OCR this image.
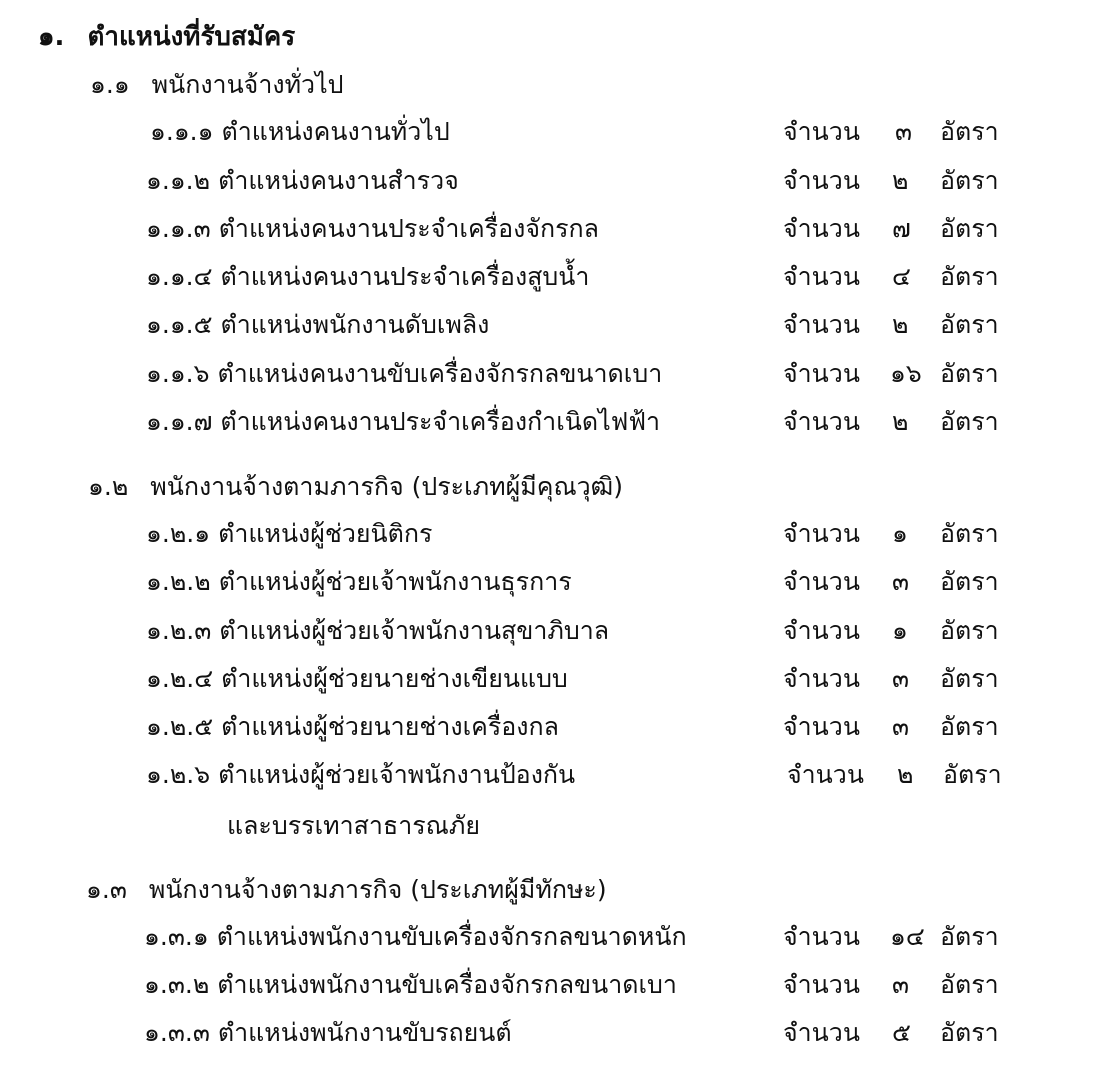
๑. ตำแหน่งที่รับสมัคร
๑.๑ พนักงานจ้างทั่วไป
๑.๑.๑ ตำแหน่งคนงานทั่วไป	จำนวน ๓ อัตรา
๑.๑.๒ ตำแหน่งคนงานสำรวจ	จำนวน ๒ อัตรา
๑.๑.๓ ตำแหน่งคนงานประจำเครื่องจักรกล	จำนวน ๗ อัตรา
๑.๑.๔ ตำแหน่งคนงานประจำเครื่องสูบน้ำ	จำนวน ๔ อัตรา
๑.๑.๕ ตำแหน่งพนักงานดับเพลิง	จำนวน ๒ อัตรา
๑.๑.๖ ตำแหน่งคนงานขับเครื่องจักรกลขนาดเบา	จำนวน ๑๖ อัตรา
๑.๑.๗ ตำแหน่งคนงานประจำเครื่องกำเนิดไฟฟ้า	จำนวน ๒ อัตรา
๑.๒ พนักงานจ้างตามภารกิจ (ประเภทผู้มีคุณวุฒิ)
๑.๒.๑ ตำแหน่งผู้ช่วยนิติกร	จำนวน ๑ อัตรา
๑.๒.๒ ตำแหน่งผู้ช่วยเจ้าพนักงานธุรการ	จำนวน ๓ อัตรา
๑.๒.๓ ตำแหน่งผู้ช่วยเจ้าพนักงานสุขาภิบาล	จำนวน ๑ อัตรา
๑.๒.๔ ตำแหน่งผู้ช่วยนายช่างเขียนแบบ	จำนวน ๓ อัตรา
๑.๒.๕ ตำแหน่งผู้ช่วยนายช่างเครื่องกล	จำนวน ๓ อัตรา
๑.๒.๖ ตำแหน่งผู้ช่วยเจ้าพนักงานป้องกัน	จำนวน ๒ อัตรา
และบรรเทาสาธารณภัย
๑.๓ พนักงานจ้างตามภารกิจ (ประเภทผู้มีทักษะ)
๑.๓.๑ ตำแหน่งพนักงานขับเครื่องจักรกลขนาดหนัก	จำนวน ๑๔ อัตรา
๑.๓.๒ ตำแหน่งพนักงานขับเครื่องจักรกลขนาดเบา	จำนวน ๓ อัตรา
๑.๓.๓ ตำแหน่งพนักงานขับรถยนต์	จำนวน ๕ อัตรา
